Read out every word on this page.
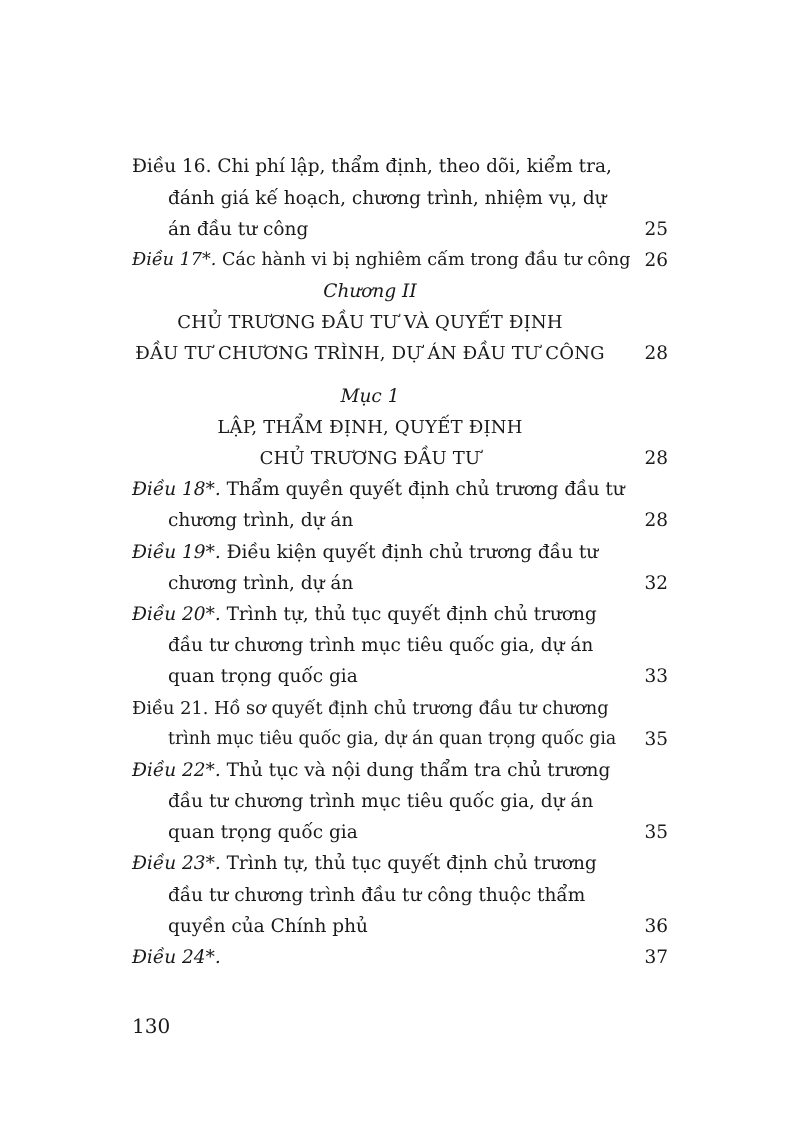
Điều 16. Chi phí lập, thẩm định, theo dõi, kiểm tra,
đánh giá kế hoạch, chương trình, nhiệm vụ, dự
án đầu tư công	25
Điều 17*. Các hành vi bị nghiêm cấm trong đầu tư công 26
Chương II
CHỦ TRƯƠNG ĐẦU TƯ VÀ QUYẾT ĐỊNH
ĐẦU TƯ CHƯƠNG TRÌNH, DỰ ÁN ĐẦU TƯ CÔNG	28
Mục 1
LẬP, THẨM ĐỊNH, QUYẾT ĐỊNH
CHỦ TRƯƠNG ĐẦU TƯ	28
Điều 18*. Thẩm quyền quyết định chủ trương đầu tư
chương trình, dự án	28
Điều 19*. Điều kiện quyết định chủ trương đầu tư
chương trình, dự án	32
Điều 20*. Trình tự, thủ tục quyết định chủ trương
đầu tư chương trình mục tiêu quốc gia, dự án
quan trọng quốc gia	33
Điều 21. Hồ sơ quyết định chủ trương đầu tư chương
trình mục tiêu quốc gia, dự án quan trọng quốc gia	35
Điều 22*. Thủ tục và nội dung thẩm tra chủ trương
đầu tư chương trình mục tiêu quốc gia, dự án
quan trọng quốc gia	35
Điều 23*. Trình tự, thủ tục quyết định chủ trương
đầu tư chương trình đầu tư công thuộc thẩm
quyền của Chính phủ	36
Điều 24*.	37
130
